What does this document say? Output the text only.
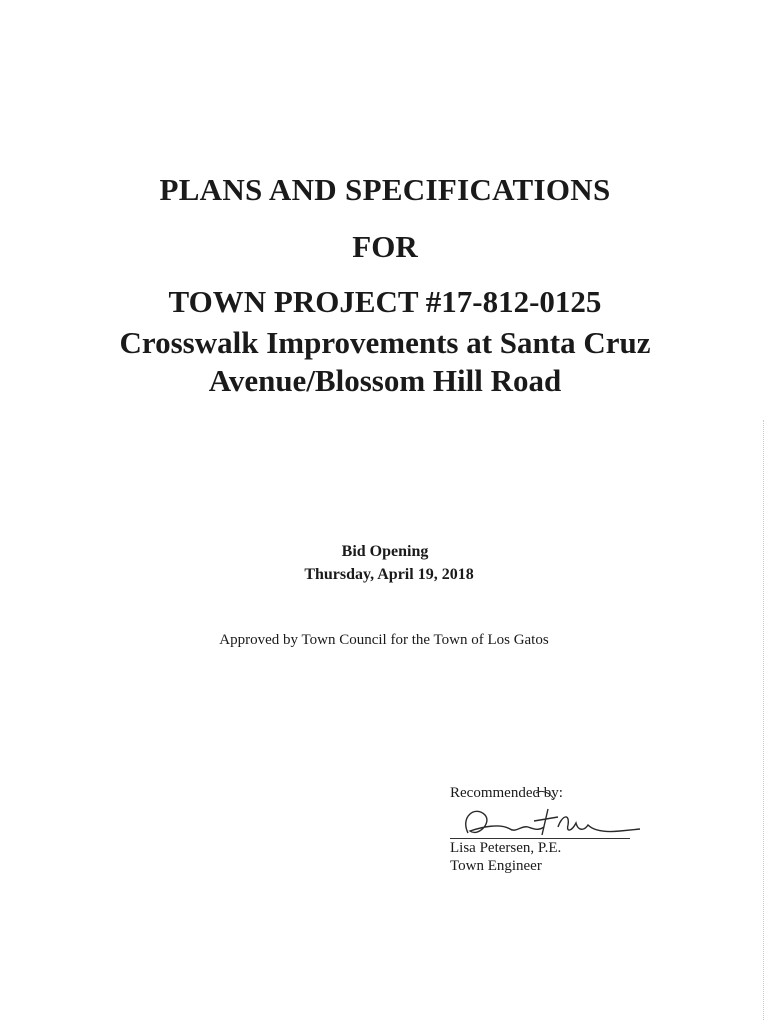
PLANS AND SPECIFICATIONS
FOR
TOWN PROJECT #17-812-0125
Crosswalk Improvements at Santa Cruz
Avenue/Blossom Hill Road
Bid Opening
Thursday, April 19, 2018
Approved by Town Council for the Town of Los Gatos
Recommended by:
Lisa Petersen, P.E.
Town Engineer
